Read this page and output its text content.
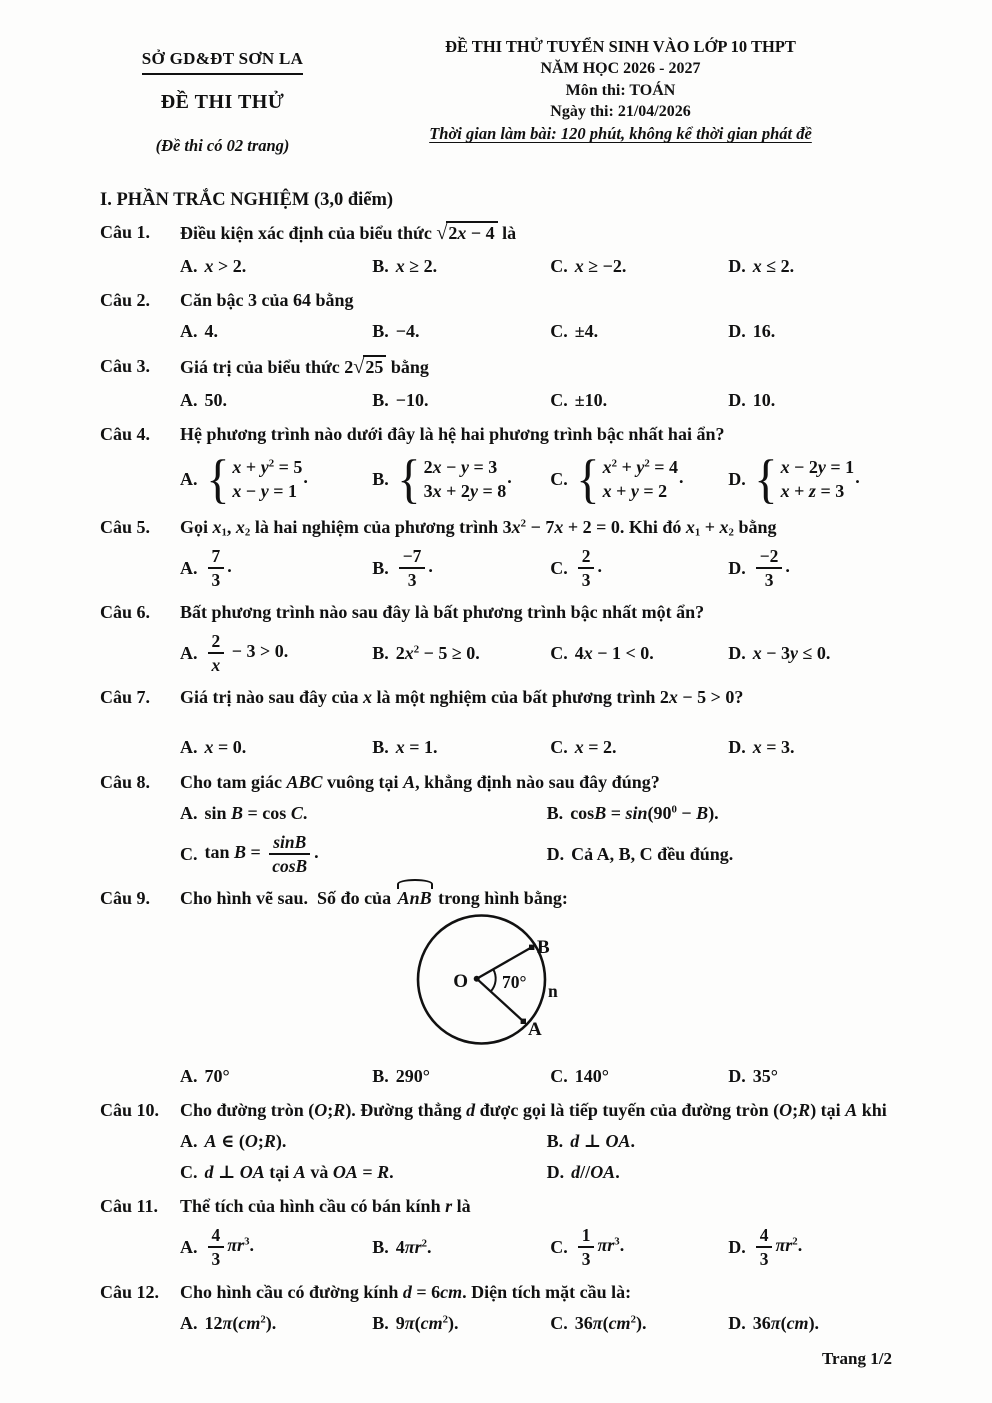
SỞ GD&ĐT SƠN LA
ĐỀ THI THỬ
(Đề thi có 02 trang)
ĐỀ THI THỬ TUYỂN SINH VÀO LỚP 10 THPT
NĂM HỌC 2026 - 2027
Môn thi: TOÁN
Ngày thi: 21/04/2026
Thời gian làm bài: 120 phút, không kể thời gian phát đề
I. PHẦN TRẮC NGHIỆM (3,0 điểm)
Câu 1.	Điều kiện xác định của biểu thức √2x − 4 là
A. x > 2.	B. x ≥ 2.	C. x ≥ −2.	D. x ≤ 2.
Câu 2.	Căn bậc 3 của 64 bằng
A. 4.	B. −4.	C. ±4.	D. 16.
Câu 3.	Giá trị của biểu thức 2√25 bằng
A. 50.	B. −10.	C. ±10.	D. 10.
Câu 4.	Hệ phương trình nào dưới đây là hệ hai phương trình bậc nhất hai ẩn?
A.
{ $x + y^2 = 5$
x − y = 1
.	B.
{ 2x − y = 3
3x + 2y = 8
. C.
{ $x^2 + y^2 = 4$
x + y = 2
. D.
{ x − 2y = 1
x + z = 3
.
Câu 5.	Gọi $x_1$, $x_2$ là hai nghiệm của phương trình $3x^2 - 7x + 2 = 0$. Khi đó $x_1 + x_2$ bằng
A. $\frac{7}{3}$ .	B. $\frac{-7}{3}$ .	C. $\frac{2}{3}$ .	D. $\frac{-2}{3}$ .
Câu 6.	Bất phương trình nào sau đây là bất phương trình bậc nhất một ẩn?
A. $\frac{2}{x} - 3 > 0$.	B. $2x^2 - 5 \ge 0$.	C. 4x − 1 < 0.	D. x − 3y ≤ 0.
Câu 7.	Giá trị nào sau đây của x là một nghiệm của bất phương trình 2x − 5 > 0?
A. x = 0.	B. x = 1.	C. x = 2.	D. x = 3.
Câu 8.	Cho tam giác ABC vuông tại A, khẳng định nào sau đây đúng?
A. sin B = cos C.	B. $\cos B = \sin(90^0 - B)$.
C. $\tan B = \frac{\sin B}{\cos B}$ .	D. Cả A, B, C đều đúng.
Câu 9.	Cho hình vẽ sau.  Số đo của AnB trong hình bằng:
O 70°
B
A
n
A. 70°	B. 290°	C. 140°	D. 35°
Câu 10.	Cho đường tròn (O;R). Đường thẳng d được gọi là tiếp tuyến của đường tròn (O;R) tại A khi
A. A ∈ (O;R).	B. d ⊥ OA.
C. d ⊥ OA tại A và OA = R.	D. d//OA.
Câu 11.	Thể tích của hình cầu có bán kính r là
A. $\frac{4}{3} \pi r^3$.	B. $4\pi r^2$.	C. $\frac{1}{3} \pi r^3$.	D. $\frac{4}{3} \pi r^2$.
Câu 12.	Cho hình cầu có đường kính d = 6cm. Diện tích mặt cầu là:
A. $12\pi(cm^2)$.	B. $9\pi(cm^2)$.	C. $36\pi(cm^2)$.	D. 36π(cm).
Trang 1/2
